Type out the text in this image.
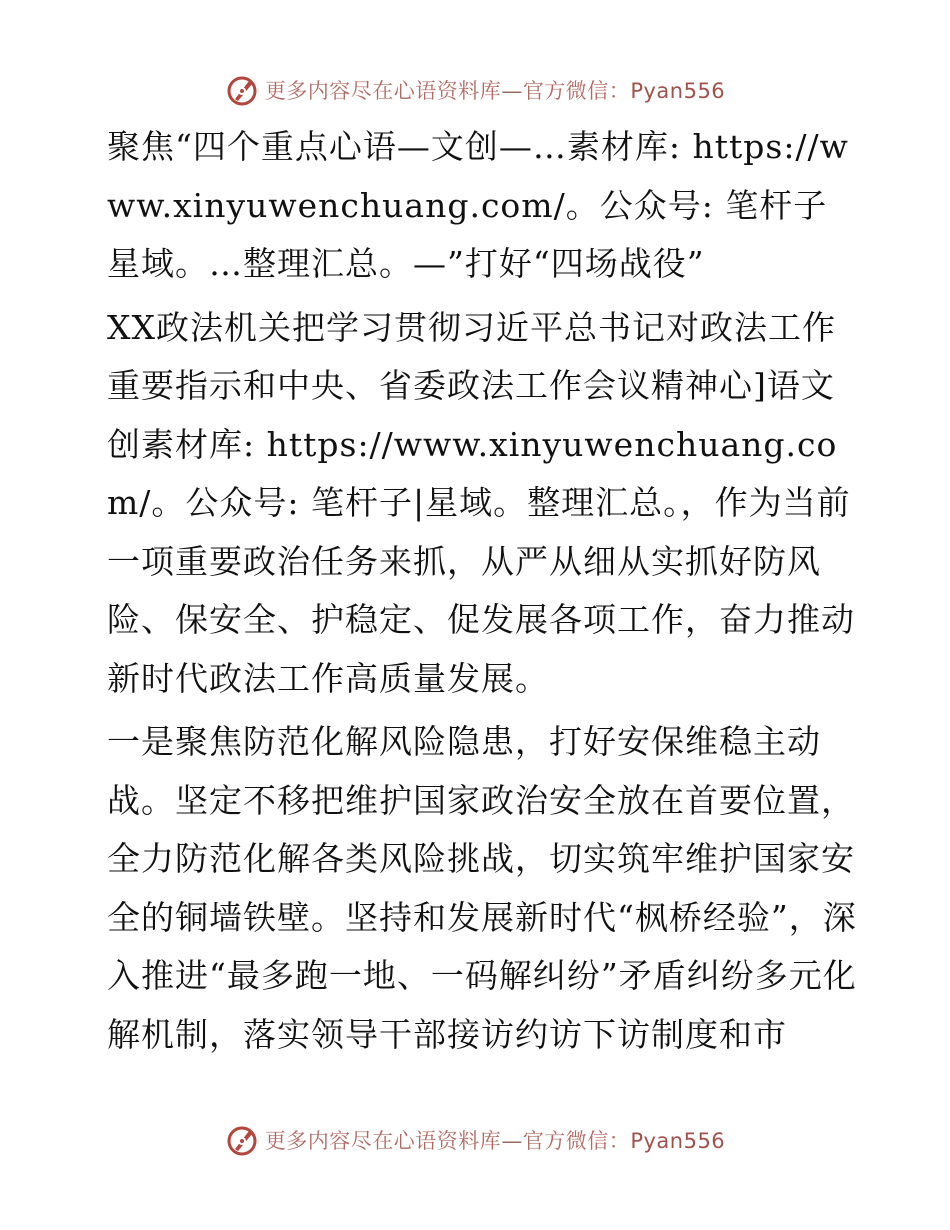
更多内容尽在心语资料库—官方微信：Pyan556

聚焦“四个重点心语—文创—…素材库: https://www.xinyuwenchuang.com/。公众号: 笔杆子星域。…整理汇总。—”打好“四场战役”

XX政法机关把学习贯彻习近平总书记对政法工作重要指示和中央、省委政法工作会议精神心]语文创素材库: https://www.xinyuwenchuang.com/。公众号: 笔杆子|星域。整理汇总。，作为当前一项重要政治任务来抓，从严从细从实抓好防风险、保安全、护稳定、促发展各项工作，奋力推动新时代政法工作高质量发展。

一是聚焦防范化解风险隐患，打好安保维稳主动战。坚定不移把维护国家政治安全放在首要位置，全力防范化解各类风险挑战，切实筑牢维护国家安全的铜墙铁壁。坚持和发展新时代“枫桥经验”，深入推进“最多跑一地、一码解纠纷”矛盾纠纷多元化解机制，落实领导干部接访约访下访制度和市

更多内容尽在心语资料库—官方微信：Pyan556
